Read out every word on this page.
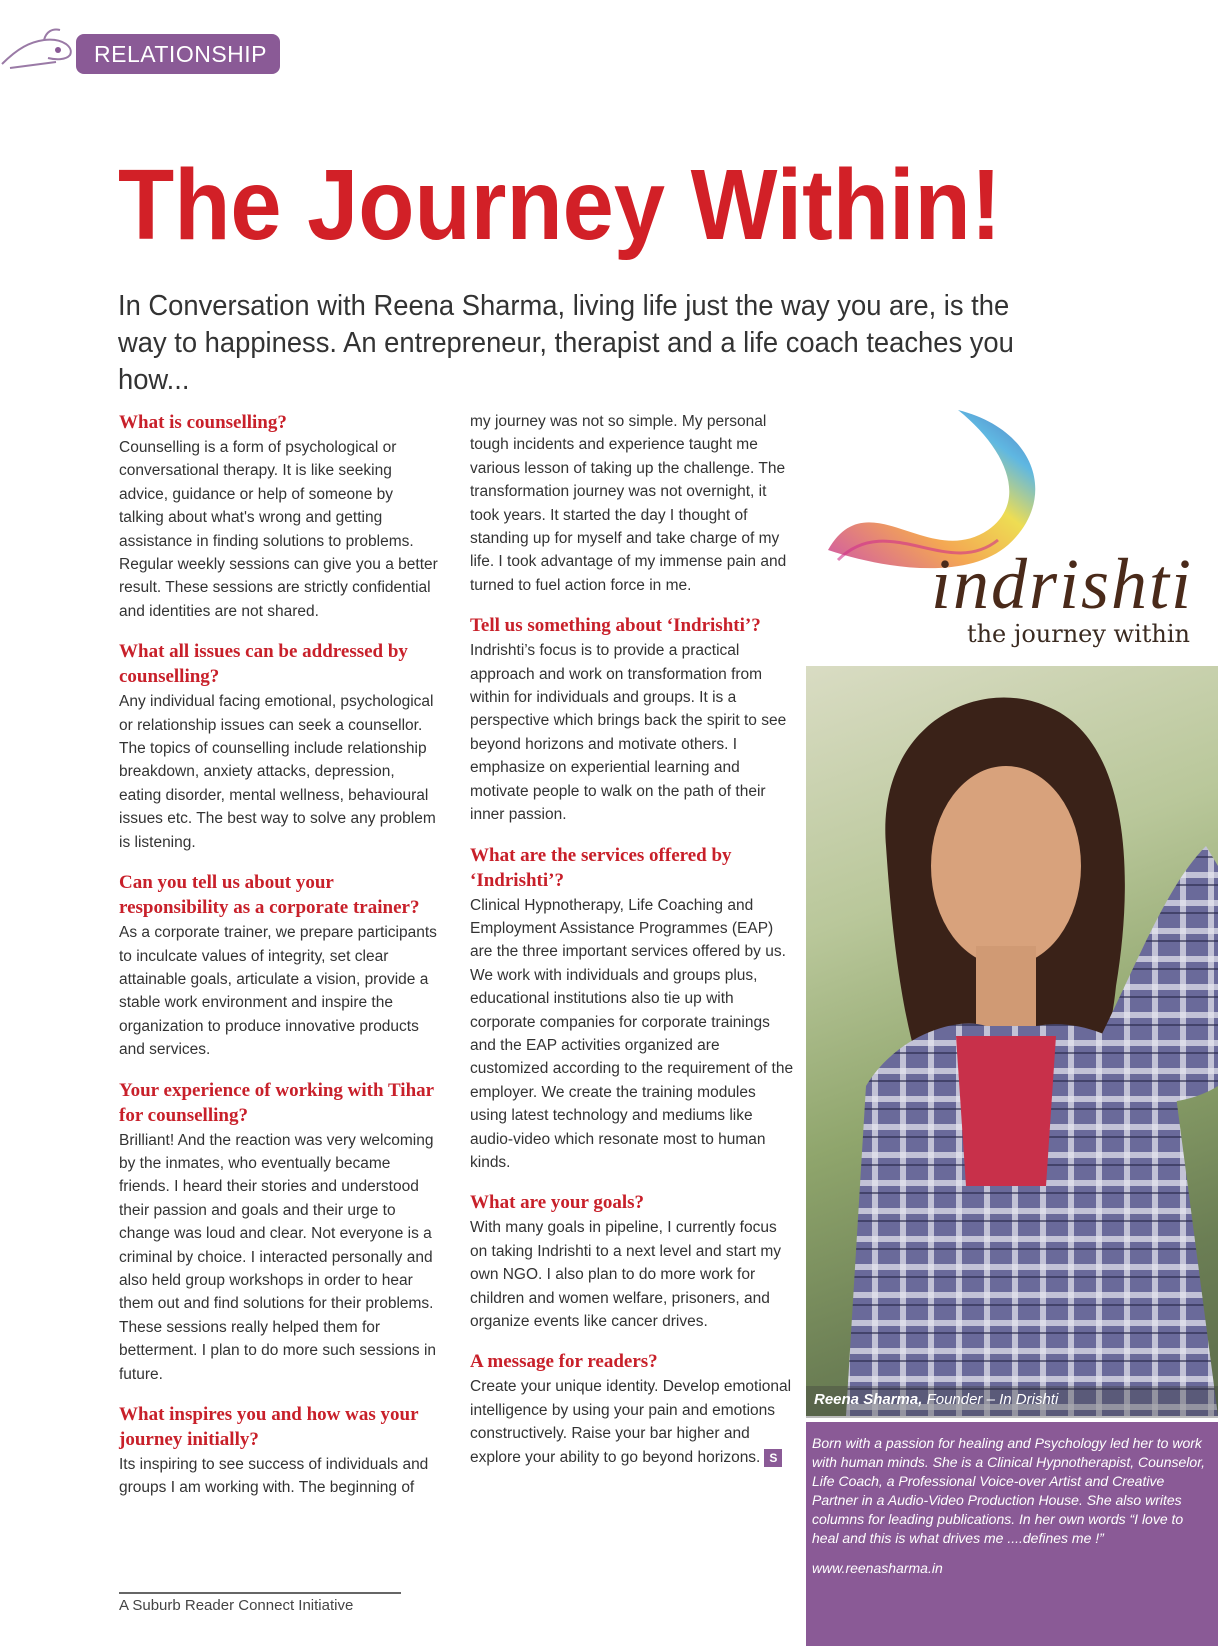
RELATIONSHIP
The Journey Within!

In Conversation with Reena Sharma, living life just the way you are, is the way to happiness. An entrepreneur, therapist and a life coach teaches you how...

What is counselling?
Counselling is a form of psychological or conversational therapy. It is like seeking advice, guidance or help of someone by talking about what's wrong and getting assistance in finding solutions to problems. Regular weekly sessions can give you a better result. These sessions are strictly confidential and identities are not shared.
What all issues can be addressed by counselling?
Any individual facing emotional, psychological or relationship issues can seek a counsellor. The topics of counselling include relationship breakdown, anxiety attacks, depression, eating disorder, mental wellness, behavioural issues etc. The best way to solve any problem is listening.
Can you tell us about your responsibility as a corporate trainer?
As a corporate trainer, we prepare participants to inculcate values of integrity, set clear attainable goals, articulate a vision, provide a stable work environment and inspire the organization to produce innovative products and services.
Your experience of working with Tihar for counselling?
Brilliant! And the reaction was very welcoming by the inmates, who eventually became friends. I heard their stories and understood their passion and goals and their urge to change was loud and clear. Not everyone is a criminal by choice. I interacted personally and also held group workshops in order to hear them out and find solutions for their problems. These sessions really helped them for betterment. I plan to do more such sessions in future.
What inspires you and how was your journey initially?
Its inspiring to see success of individuals and groups I am working with. The beginning of
my journey was not so simple. My personal tough incidents and experience taught me various lesson of taking up the challenge. The transformation journey was not overnight, it took years. It started the day I thought of standing up for myself and take charge of my life. I took advantage of my immense pain and turned to fuel action force in me.
Tell us something about ‘Indrishti’?
Indrishti’s focus is to provide a practical approach and work on transformation from within for individuals and groups. It is a perspective which brings back the spirit to see beyond horizons and motivate others. I emphasize on experiential learning and motivate people to walk on the path of their inner passion.
What are the services offered by ‘Indrishti’?
Clinical Hypnotherapy, Life Coaching and Employment Assistance Programmes (EAP) are the three important services offered by us. We work with individuals and groups plus, educational institutions also tie up with corporate companies for corporate trainings and the EAP activities organized are customized according to the requirement of the employer. We create the training modules using latest technology and mediums like audio-video which resonate most to human kinds.
What are your goals?
With many goals in pipeline, I currently focus on taking Indrishti to a next level and start my own NGO. I also plan to do more work for children and women welfare, prisoners, and organize events like cancer drives.
A message for readers?
Create your unique identity. Develop emotional intelligence by using your pain and emotions constructively. Raise your bar higher and explore your ability to go beyond horizons. S
indrishti
the journey within
Reena Sharma, Founder – In Drishti
Born with a passion for healing and Psychology led her to work with human minds. She is a Clinical Hypnotherapist, Counselor, Life Coach, a Professional Voice-over Artist and Creative Partner in a Audio-Video Production House. She also writes columns for leading publications. In her own words “I love to heal and this is what drives me ....defines me !”
www.reenasharma.in
A Suburb Reader Connect Initiative
